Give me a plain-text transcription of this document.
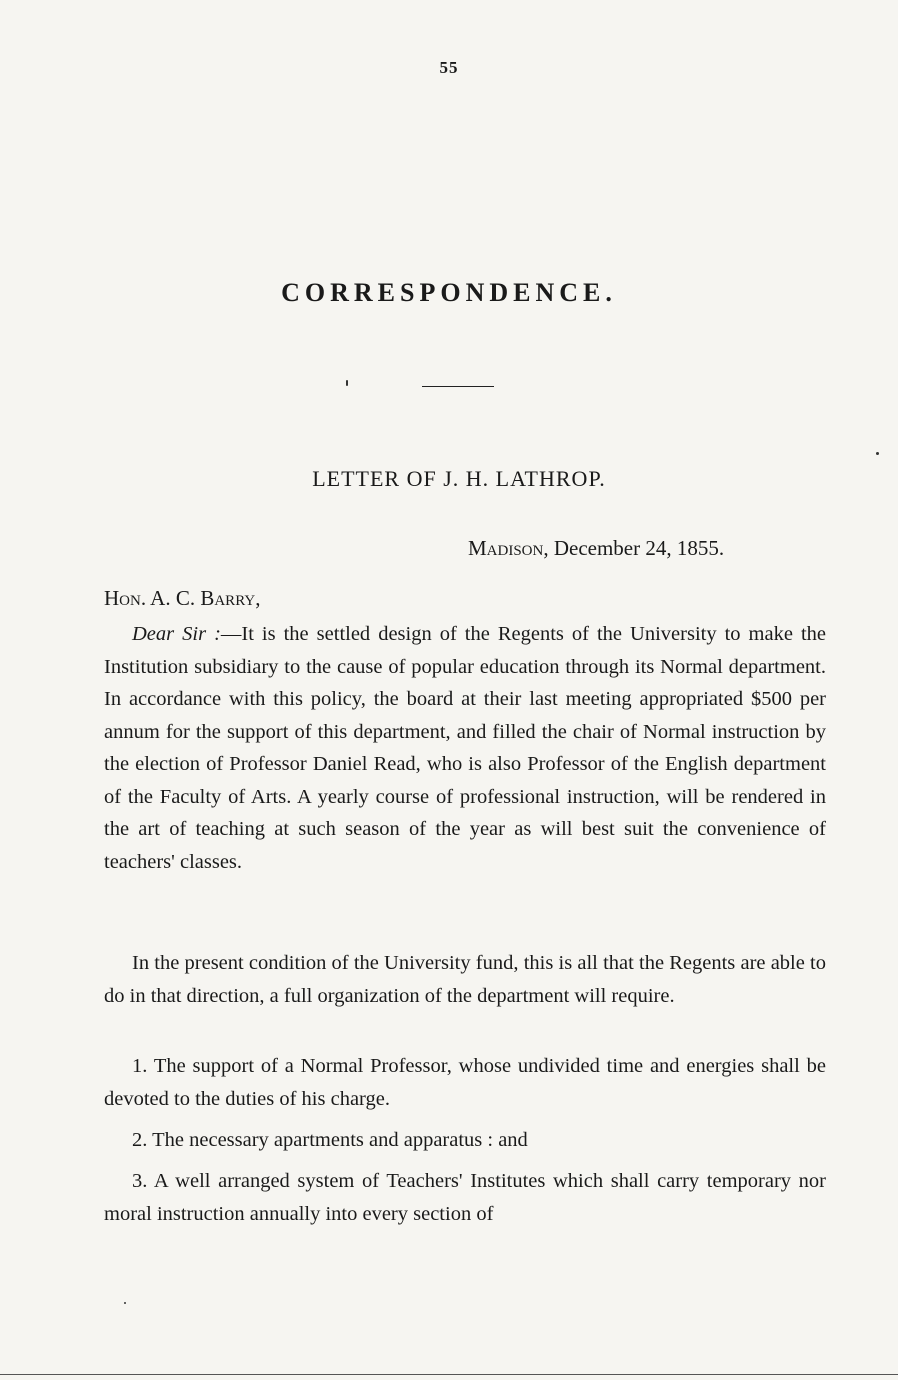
55
CORRESPONDENCE.
LETTER OF J. H. LATHROP.
Madison, December 24, 1855.
Hon. A. C. Barry,

Dear Sir :—It is the settled design of the Regents of the University to make the Institution subsidiary to the cause of popular education through its Normal department. In accordance with this policy, the board at their last meeting appropriated $500 per annum for the support of this department, and filled the chair of Normal instruction by the election of Professor Daniel Read, who is also Professor of the English department of the Faculty of Arts. A yearly course of professional instruction, will be rendered in the art of teaching at such season of the year as will best suit the convenience of teachers' classes.

In the present condition of the University fund, this is all that the Regents are able to do in that direction, a full organization of the department will require.

1. The support of a Normal Professor, whose undivided time and energies shall be devoted to the duties of his charge.

2. The necessary apartments and apparatus : and

3. A well arranged system of Teachers' Institutes which shall carry temporary nor moral instruction annually into every section of
